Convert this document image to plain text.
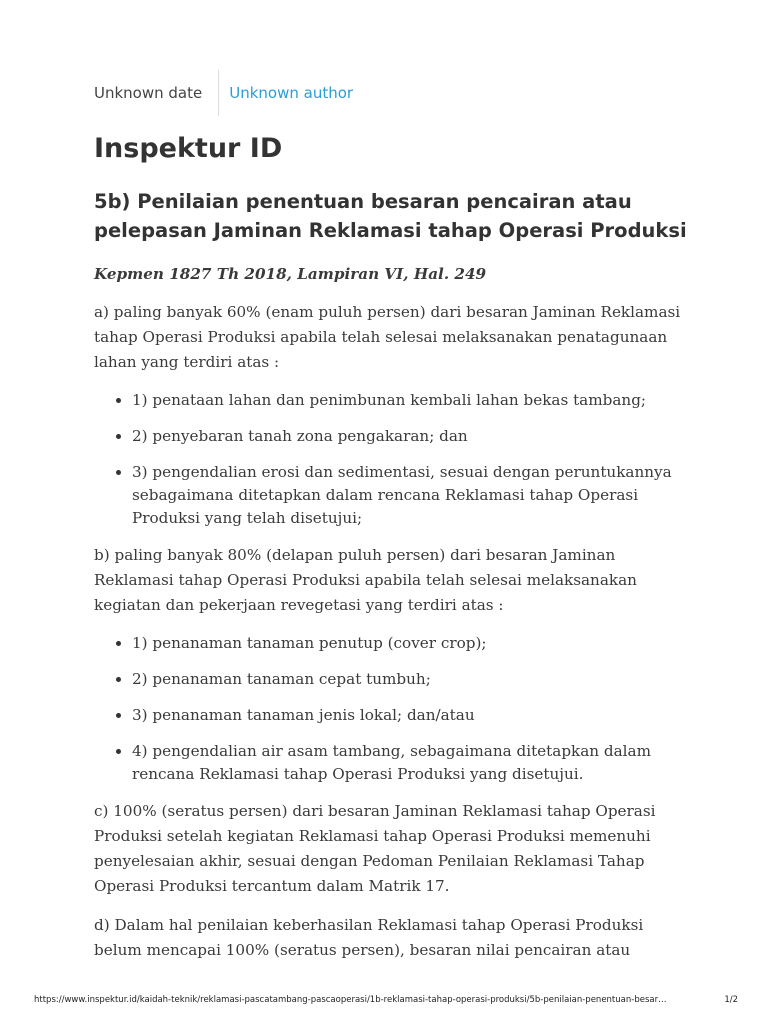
Unknown date	Unknown author
Inspektur ID
5b) Penilaian penentuan besaran pencairan atau pelepasan Jaminan Reklamasi tahap Operasi Produksi

Kepmen 1827 Th 2018, Lampiran VI, Hal. 249

a) paling banyak 60% (enam puluh persen) dari besaran Jaminan Reklamasi tahap Operasi Produksi apabila telah selesai melaksanakan penatagunaan lahan yang terdiri atas :

• 1) penataan lahan dan penimbunan kembali lahan bekas tambang;
• 2) penyebaran tanah zona pengakaran; dan
• 3) pengendalian erosi dan sedimentasi, sesuai dengan peruntukannya sebagaimana ditetapkan dalam rencana Reklamasi tahap Operasi Produksi yang telah disetujui;

b) paling banyak 80% (delapan puluh persen) dari besaran Jaminan Reklamasi tahap Operasi Produksi apabila telah selesai melaksanakan kegiatan dan pekerjaan revegetasi yang terdiri atas :

• 1) penanaman tanaman penutup (cover crop);
• 2) penanaman tanaman cepat tumbuh;
• 3) penanaman tanaman jenis lokal; dan/atau
• 4) pengendalian air asam tambang, sebagaimana ditetapkan dalam rencana Reklamasi tahap Operasi Produksi yang disetujui.

c) 100% (seratus persen) dari besaran Jaminan Reklamasi tahap Operasi Produksi setelah kegiatan Reklamasi tahap Operasi Produksi memenuhi penyelesaian akhir, sesuai dengan Pedoman Penilaian Reklamasi Tahap Operasi Produksi tercantum dalam Matrik 17.

d) Dalam hal penilaian keberhasilan Reklamasi tahap Operasi Produksi belum mencapai 100% (seratus persen), besaran nilai pencairan atau

https://www.inspektur.id/kaidah-teknik/reklamasi-pascatambang-pascaoperasi/1b-reklamasi-tahap-operasi-produksi/5b-penilaian-penentuan-besar…	1/2
